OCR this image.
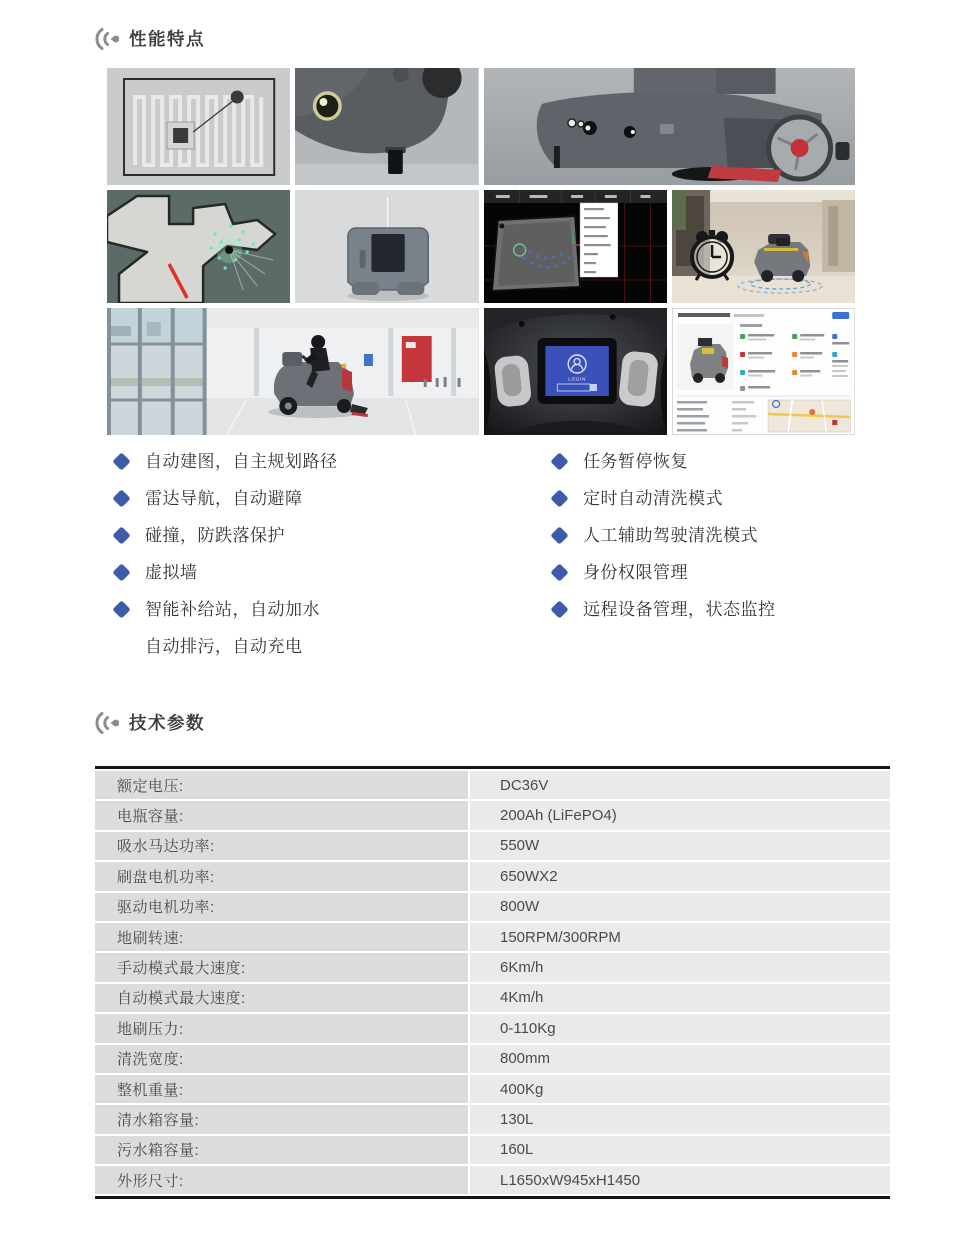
性能特点
LOGIN
自动建图，自主规划路径
雷达导航，自动避障
碰撞，防跌落保护
虚拟墙
智能补给站，自动加水
自动排污，自动充电
任务暂停恢复
定时自动清洗模式
人工辅助驾驶清洗模式
身份权限管理
远程设备管理，状态监控
技术参数
额定电压:	DC36V
电瓶容量:	200Ah (LiFePO4)
吸水马达功率:	550W
刷盘电机功率:	650WX2
驱动电机功率:	800W
地刷转速:	150RPM/300RPM
手动模式最大速度:	6Km/h
自动模式最大速度:	4Km/h
地刷压力:	0-110Kg
清洗宽度:	800mm
整机重量:	400Kg
清水箱容量:	130L
污水箱容量:	160L
外形尺寸:	L1650xW945xH1450
